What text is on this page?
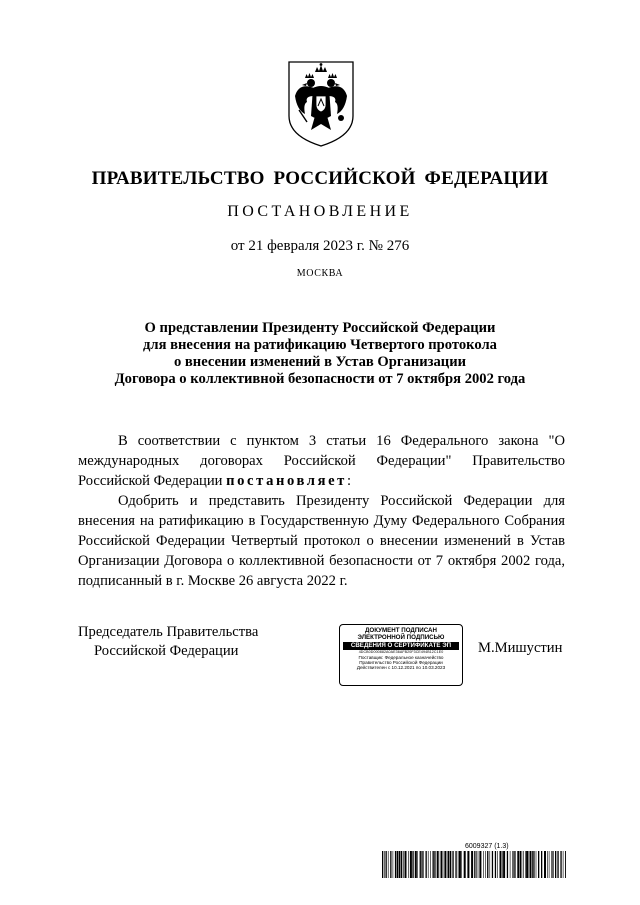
ПРАВИТЕЛЬСТВО РОССИЙСКОЙ ФЕДЕРАЦИИ
ПОСТАНОВЛЕНИЕ
от 21 февраля 2023 г. № 276
МОСКВА
О представлении Президенту Российской Федерации
для внесения на ратификацию Четвертого протокола
о внесении изменений в Устав Организации
Договора о коллективной безопасности от 7 октября 2002 года

В соответствии с пунктом 3 статьи 16 Федерального закона "О международных договорах Российской Федерации" Правительство Российской Федерации постановляет:

Одобрить и представить Президенту Российской Федерации для внесения на ратификацию в Государственную Думу Федерального Собрания Российской Федерации Четвертый протокол о внесении изменений в Устав Организации Договора о коллективной безопасности от 7 октября 2002 года, подписанный в г. Москве 26 августа 2022 г.

Председатель Правительства
Российской Федерации
ДОКУМЕНТ ПОДПИСАН
ЭЛЕКТРОННОЙ ПОДПИСЬЮ
СВЕДЕНИЯ О СЕРТИФИКАТЕ ЭП
4DCB0D000882A0AE36AFB20F3CE494B12C1E0
Поставщик: Федеральное казначейство
Правительство Российской Федерации
Действителен с 10.12.2021 по 10.03.2023
М.Мишустин
6009327 (1.3)
